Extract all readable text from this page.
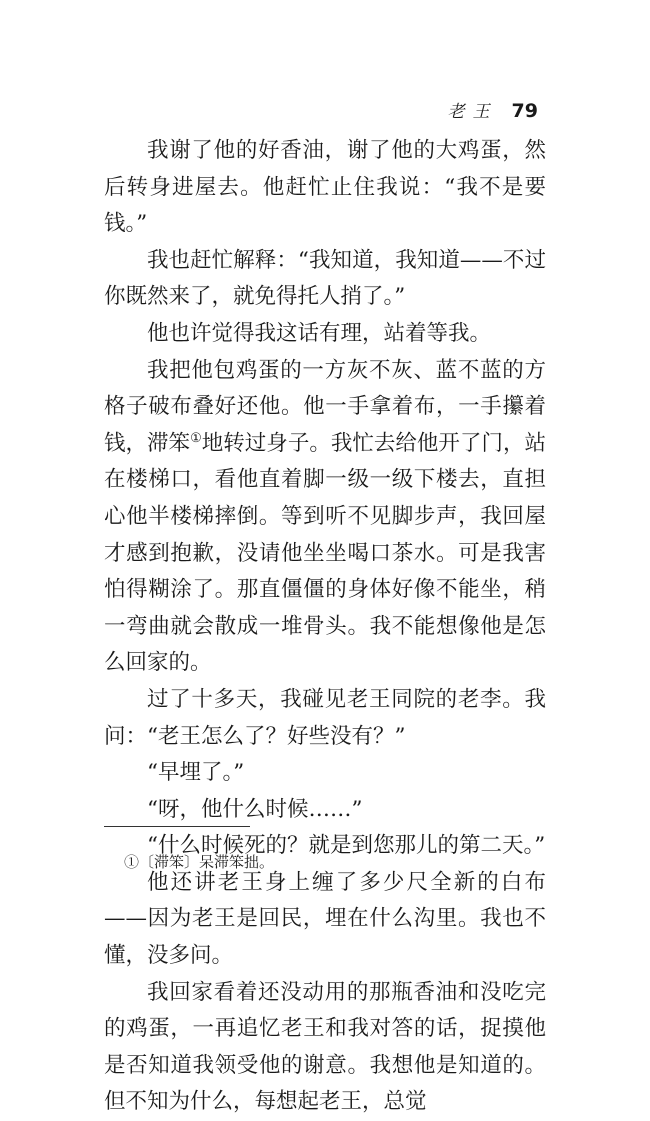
老王 79

我谢了他的好香油，谢了他的大鸡蛋，然后转身进屋去。他赶忙止住我说：“我不是要钱。”

我也赶忙解释：“我知道，我知道——不过你既然来了，就免得托人捎了。”

他也许觉得我这话有理，站着等我。

我把他包鸡蛋的一方灰不灰、蓝不蓝的方格子破布叠好还他。他一手拿着布，一手攥着钱，滞笨①地转过身子。我忙去给他开了门，站在楼梯口，看他直着脚一级一级下楼去，直担心他半楼梯摔倒。等到听不见脚步声，我回屋才感到抱歉，没请他坐坐喝口茶水。可是我害怕得糊涂了。那直僵僵的身体好像不能坐，稍一弯曲就会散成一堆骨头。我不能想像他是怎么回家的。

过了十多天，我碰见老王同院的老李。我问：“老王怎么了？好些没有？”

“早埋了。”

“呀，他什么时候……”

“什么时候死的？就是到您那儿的第二天。”

他还讲老王身上缠了多少尺全新的白布——因为老王是回民，埋在什么沟里。我也不懂，没多问。

我回家看着还没动用的那瓶香油和没吃完的鸡蛋，一再追忆老王和我对答的话，捉摸他是否知道我领受他的谢意。我想他是知道的。但不知为什么，每想起老王，总觉

①〔滞笨〕呆滞笨拙。
